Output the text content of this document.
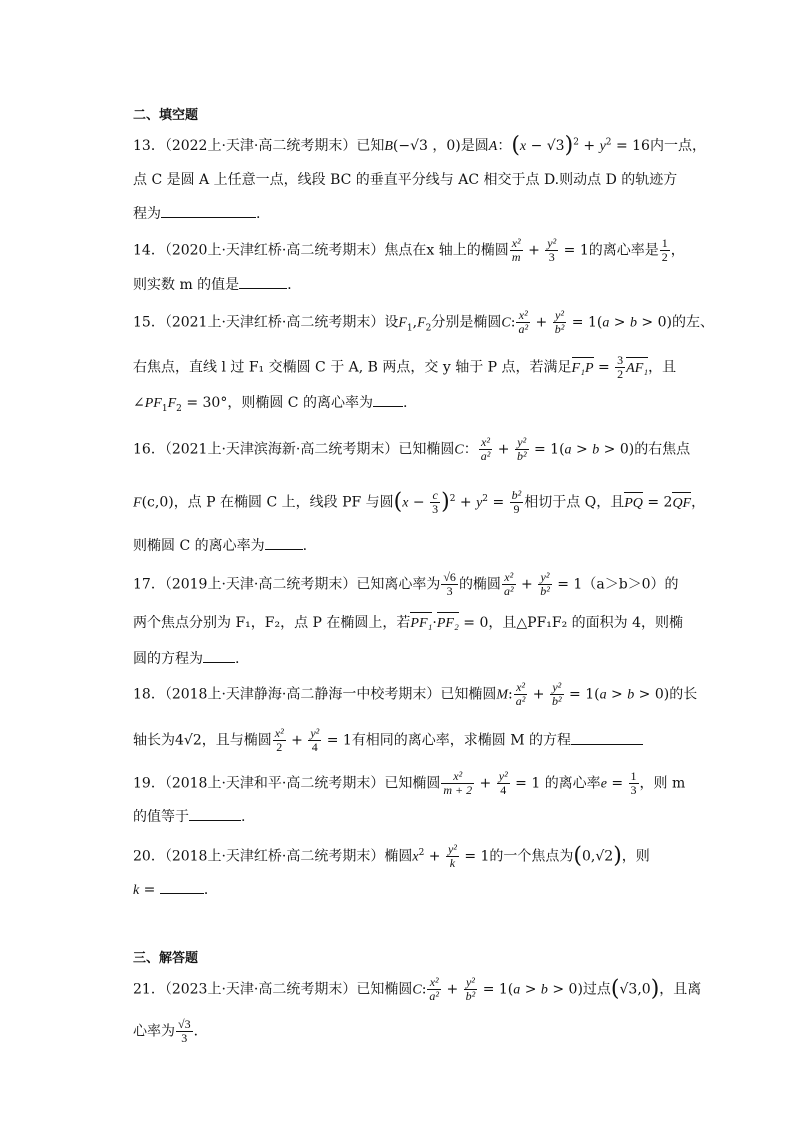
二、填空题
13．（2022上·天津·高二统考期末）已知B(−√3 ，0)是圆A：$(x - √3)^2 + y^2 = 16$内一点，
点 C 是圆 A 上任意一点，线段 BC 的垂直平分线与 AC 相交于点 D.则动点 D 的轨迹方
程为	.
14．（2020上·天津红桥·高二统考期末）焦点在x 轴上的椭圆 $\frac{\text{x²}}{m} + \frac{\text{y²}}{3} = 1$的离心率是 $\frac{1}{2}$ ，
则实数 m 的值是	．
15．（2021上·天津红桥·高二统考期末）设$F_1,F_2$分别是椭圆C: $\frac{\text{x²}}{\text{a²}} + \frac{\text{y²}}{\text{b²}} = 1(a > b > 0)$的左、
右焦点，直线 l 过 F₁ 交椭圆 C 于 A, B 两点，交 y 轴于 P 点，若满足$F_1P = \frac{3}{2} AF_1$，且
$\angle PF_1F_2 = 30^\circ$，则椭圆 C 的离心率为 .
16．（2021上·天津滨海新·高二统考期末）已知椭圆C： $\frac{\text{x²}}{\text{a²}} + \frac{\text{y²}}{\text{b²}} = 1(a > b > 0)$的右焦点
F(c,0)，点 P 在椭圆 C 上，线段 PF 与圆$(x - \frac{c}{3} )^2 + y^2 = \frac{\text{b²}}{9}$ 相切于点 Q，且PQ = 2QF，
则椭圆 C 的离心率为	.
17．（2019上·天津·高二统考期末）已知离心率为 $\frac{√6}{3}$ 的椭圆 $\frac{\text{x²}}{\text{a²}} + \frac{\text{y²}}{\text{b²}} = 1(a>b>0)$的
两个焦点分别为 F₁，F₂，点 P 在椭圆上，若PF₁·PF₂ = 0，且△PF₁F₂ 的面积为 4，则椭
圆的方程为 .
18．（2018上·天津静海·高二静海一中校考期末）已知椭圆M: $\frac{\text{x²}}{\text{a²}} + \frac{\text{y²}}{\text{b²}} = 1(a > b > 0)$的长
轴长为4√2，且与椭圆 $\frac{\text{x²}}{2} + \frac{\text{y²}}{4} = 1$有相同的离心率，求椭圆 M 的方程
19．（2018上·天津和平·高二统考期末）已知椭圆 $\frac{\text{x²}}{m + 2} + \frac{\text{y²}}{4} = 1$ 的离心率$e = \frac{1}{3}$ ，则 m
的值等于	.
20．（2018上·天津红桥·高二统考期末）椭圆$x^2 + \frac{\text{y²}}{k} = 1$的一个焦点为(0,√2)，则
k =	．
三、解答题
21．（2023上·天津·高二统考期末）已知椭圆C: $\frac{\text{x²}}{\text{a²}} + \frac{\text{y²}}{\text{b²}} = 1(a > b > 0)$过点(√3,0)，且离
心率为 $\frac{√3}{3}$ ．
